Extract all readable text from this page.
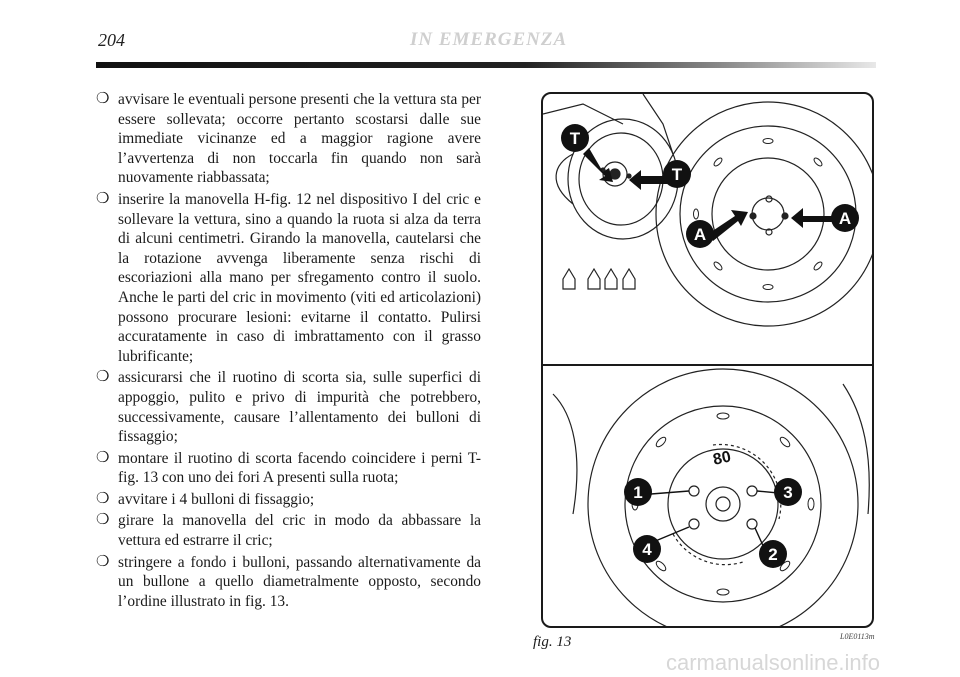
204	IN EMERGENZA
❍ avvisare le eventuali persone presenti che la vettura sta per essere sollevata; occorre pertanto scostarsi dalle sue immediate vicinanze ed a maggior ragione avere l’avvertenza di non toccarla fin quando non sarà nuovamente riabbassata;
❍ inserire la manovella H-fig. 12 nel dispositivo I del cric e sollevare la vettura, sino a quando la ruota si alza da terra di alcuni centimetri. Girando la manovella, cautelarsi che la rotazione avvenga liberamente senza rischi di escoriazioni alla mano per sfregamento contro il suolo. Anche le parti del cric in movimento (viti ed articolazioni) possono procurare lesioni: evitarne il contatto. Pulirsi accuratamente in caso di imbrattamento con il grasso lubrificante;
❍ assicurarsi che il ruotino di scorta sia, sulle superfici di appoggio, pulito e privo di impurità che potrebbero, successivamente, causare l’allentamento dei bulloni di fissaggio;
❍ montare il ruotino di scorta facendo coincidere i perni T-fig. 13 con uno dei fori A presenti sulla ruota;
❍ avvitare i 4 bulloni di fissaggio;
❍ girare la manovella del cric in modo da abbassare la vettura ed estrarre il cric;
❍ stringere a fondo i bulloni, passando alternativamente da un bullone a quello diametralmente opposto, secondo l’ordine illustrato in fig. 13.
T
T
A
A
80
1
2
3
4
fig. 13	L0E0113m
carmanualsonline.info
